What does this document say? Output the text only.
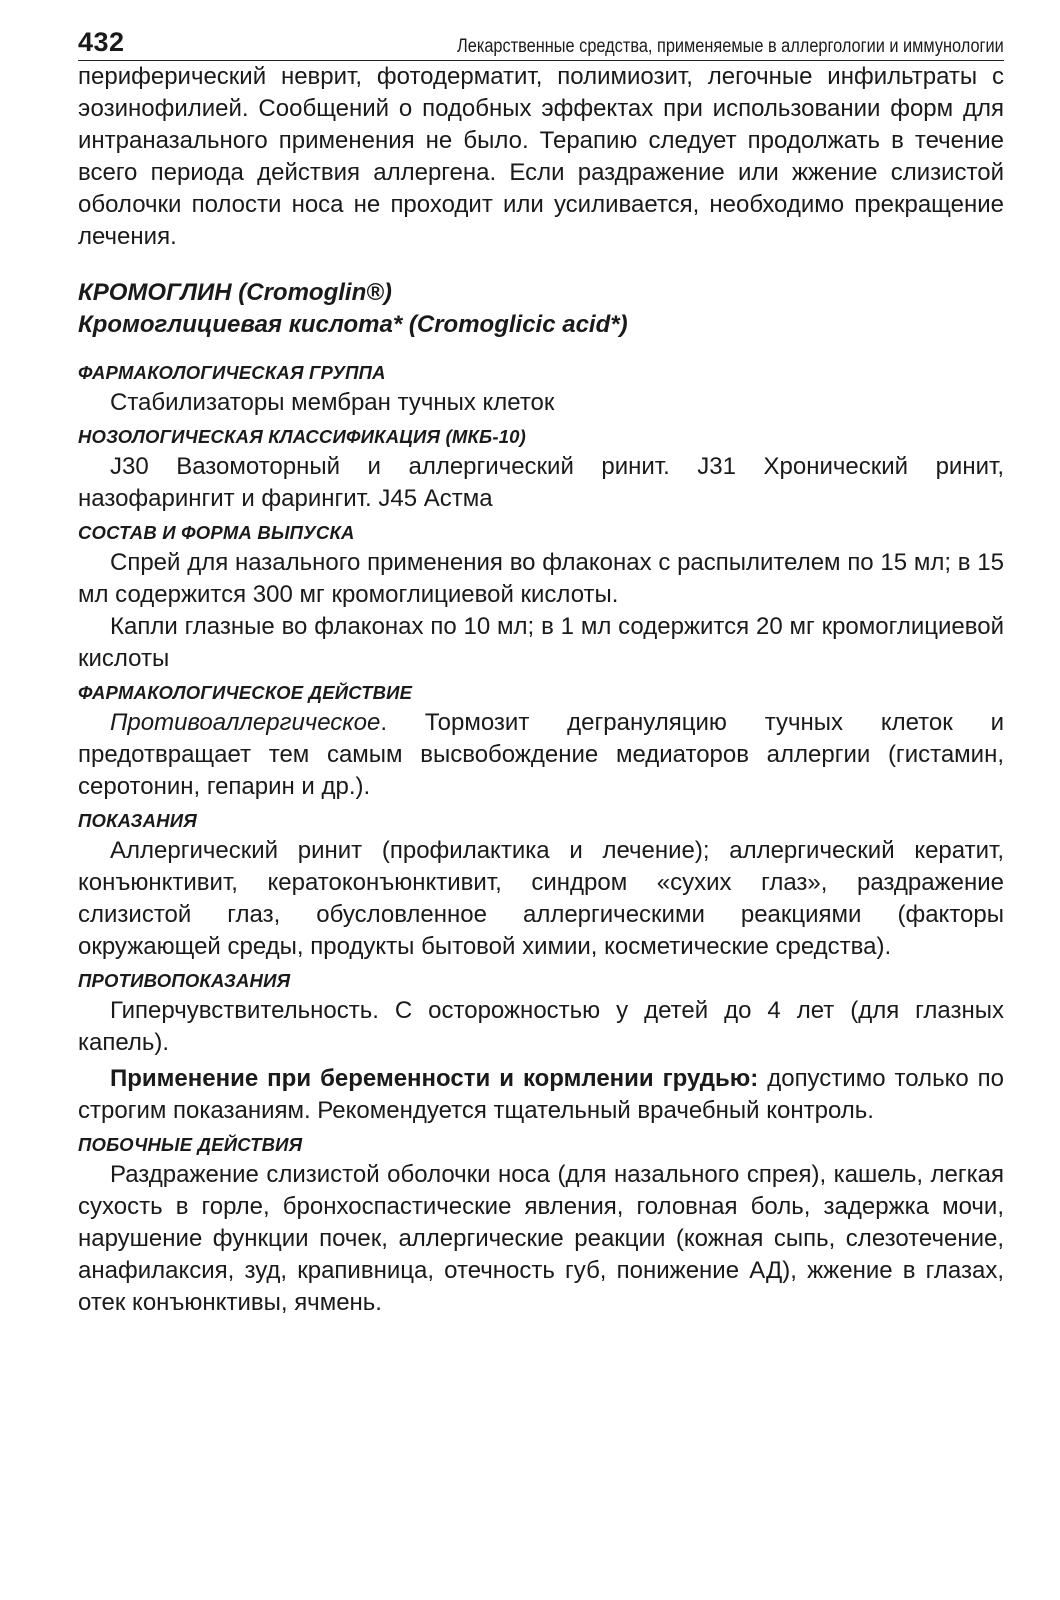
432	Лекарственные средства, применяемые в аллергологии и иммунологии

периферический неврит, фотодерматит, полимиозит, легочные инфильтраты с эозинофилией. Сообщений о подобных эффектах при использовании форм для интраназального применения не было. Терапию следует продолжать в течение всего периода действия аллергена. Если раздражение или жжение слизистой оболочки полости носа не проходит или усиливается, необходимо прекращение лечения.

КРОМОГЛИН (Cromoglin®)
Кромоглициевая кислота* (Cromoglicic acid*)
ФАРМАКОЛОГИЧЕСКАЯ ГРУППА

Стабилизаторы мембран тучных клеток

НОЗОЛОГИЧЕСКАЯ КЛАССИФИКАЦИЯ (МКБ-10)

J30 Вазомоторный и аллергический ринит. J31 Хронический ринит, назофарингит и фарингит. J45 Астма

СОСТАВ И ФОРМА ВЫПУСКА

Спрей для назального применения во флаконах с распылителем по 15 мл; в 15 мл содержится 300 мг кромоглициевой кислоты.

Капли глазные во флаконах по 10 мл; в 1 мл содержится 20 мг кромоглициевой кислоты

ФАРМАКОЛОГИЧЕСКОЕ ДЕЙСТВИЕ

Противоаллергическое. Тормозит дегрануляцию тучных клеток и предотвращает тем самым высвобождение медиаторов аллергии (гистамин, серотонин, гепарин и др.).

ПОКАЗАНИЯ

Аллергический ринит (профилактика и лечение); аллергический кератит, конъюнктивит, кератоконъюнктивит, синдром «сухих глаз», раздражение слизистой глаз, обусловленное аллергическими реакциями (факторы окружающей среды, продукты бытовой химии, косметические средства).

ПРОТИВОПОКАЗАНИЯ

Гиперчувствительность. С осторожностью у детей до 4 лет (для глазных капель).

Применение при беременности и кормлении грудью: допустимо только по строгим показаниям. Рекомендуется тщательный врачебный контроль.

ПОБОЧНЫЕ ДЕЙСТВИЯ

Раздражение слизистой оболочки носа (для назального спрея), кашель, легкая сухость в горле, бронхоспастические явления, головная боль, задержка мочи, нарушение функции почек, аллергические реакции (кожная сыпь, слезотечение, анафилаксия, зуд, крапивница, отечность губ, понижение АД), жжение в глазах, отек конъюнктивы, ячмень.
